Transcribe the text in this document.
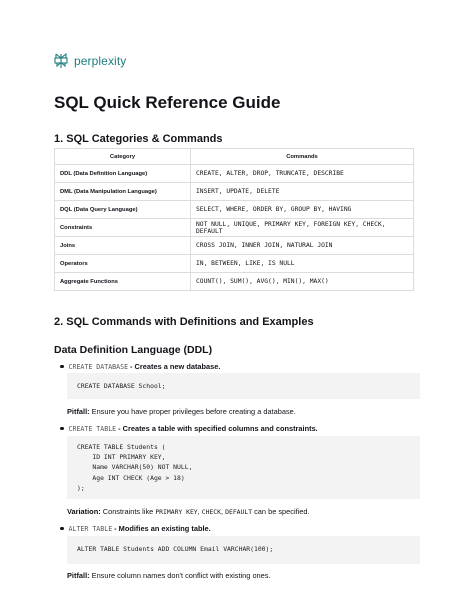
perplexity
SQL Quick Reference Guide
1. SQL Categories & Commands
Category	Commands
DDL (Data Definition Language)	CREATE, ALTER, DROP, TRUNCATE, DESCRIBE
DML (Data Manipulation Language)	INSERT, UPDATE, DELETE
DQL (Data Query Language)	SELECT, WHERE, ORDER BY, GROUP BY, HAVING
Constraints	NOT NULL, UNIQUE, PRIMARY KEY, FOREIGN KEY, CHECK, DEFAULT
Joins	CROSS JOIN, INNER JOIN, NATURAL JOIN
Operators	IN, BETWEEN, LIKE, IS NULL
Aggregate Functions	COUNT(), SUM(), AVG(), MIN(), MAX()
2. SQL Commands with Definitions and Examples
Data Definition Language (DDL)
CREATE DATABASE - Creates a new database.
CREATE DATABASE School;
Pitfall: Ensure you have proper privileges before creating a database.
CREATE TABLE - Creates a table with specified columns and constraints.
CREATE TABLE Students (
ID INT PRIMARY KEY,
Name VARCHAR(50) NOT NULL,
Age INT CHECK (Age > 18)
);
Variation: Constraints like PRIMARY KEY, CHECK, DEFAULT can be specified.
ALTER TABLE - Modifies an existing table.
ALTER TABLE Students ADD COLUMN Email VARCHAR(100);
Pitfall: Ensure column names don't conflict with existing ones.
